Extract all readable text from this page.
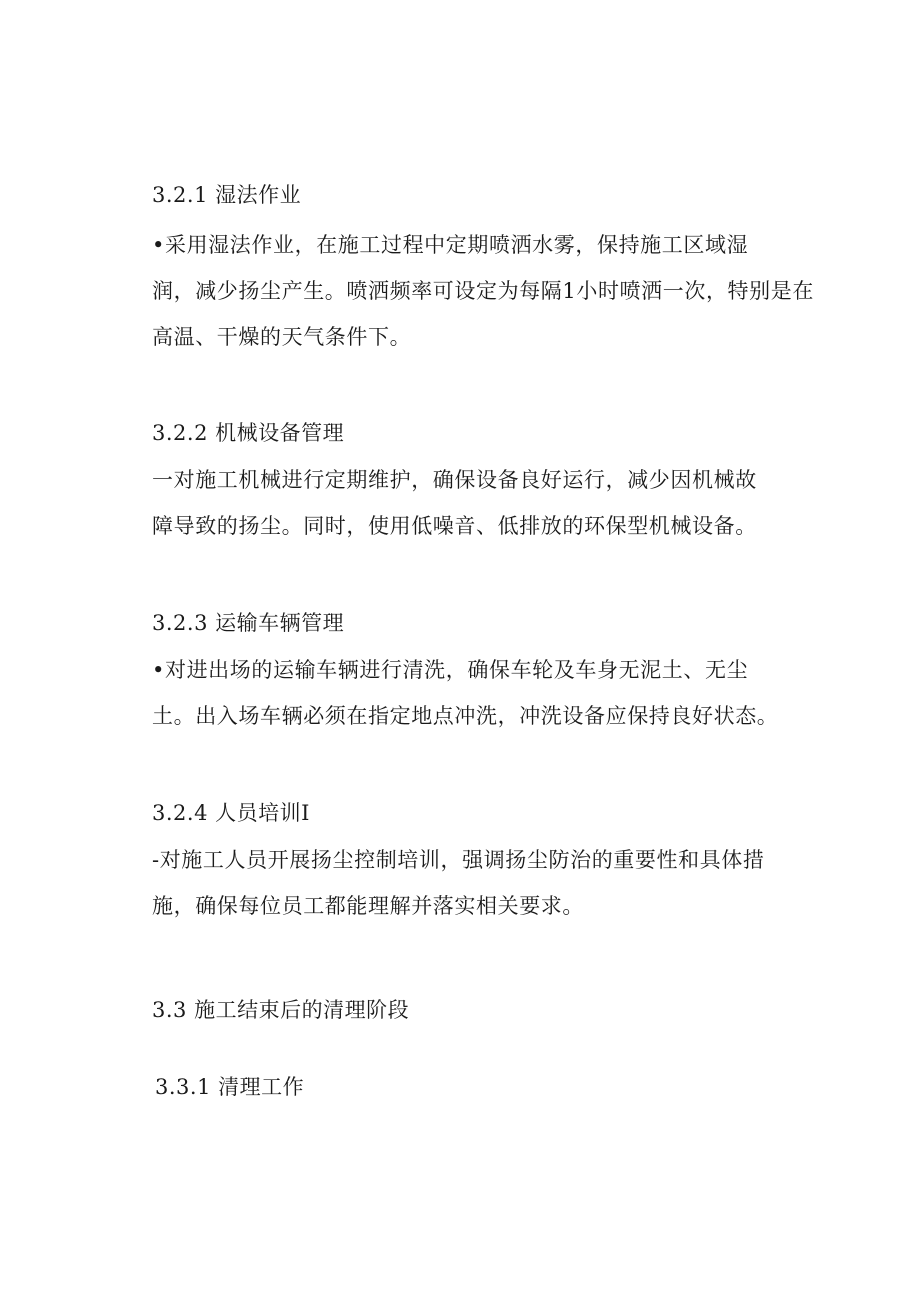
3.2.1 湿法作业
•采用湿法作业，在施工过程中定期喷洒水雾，保持施工区域湿
润，减少扬尘产生。喷洒频率可设定为每隔1小时喷洒一次，特别是在
高温、干燥的天气条件下。
3.2.2 机械设备管理
一对施工机械进行定期维护，确保设备良好运行，减少因机械故
障导致的扬尘。同时，使用低噪音、低排放的环保型机械设备。
3.2.3 运输车辆管理
•对进出场的运输车辆进行清洗，确保车轮及车身无泥土、无尘
土。出入场车辆必须在指定地点冲洗，冲洗设备应保持良好状态。
3.2.4 人员培训I
-对施工人员开展扬尘控制培训，强调扬尘防治的重要性和具体措
施，确保每位员工都能理解并落实相关要求。
3.3 施工结束后的清理阶段
3.3.1 清理工作
